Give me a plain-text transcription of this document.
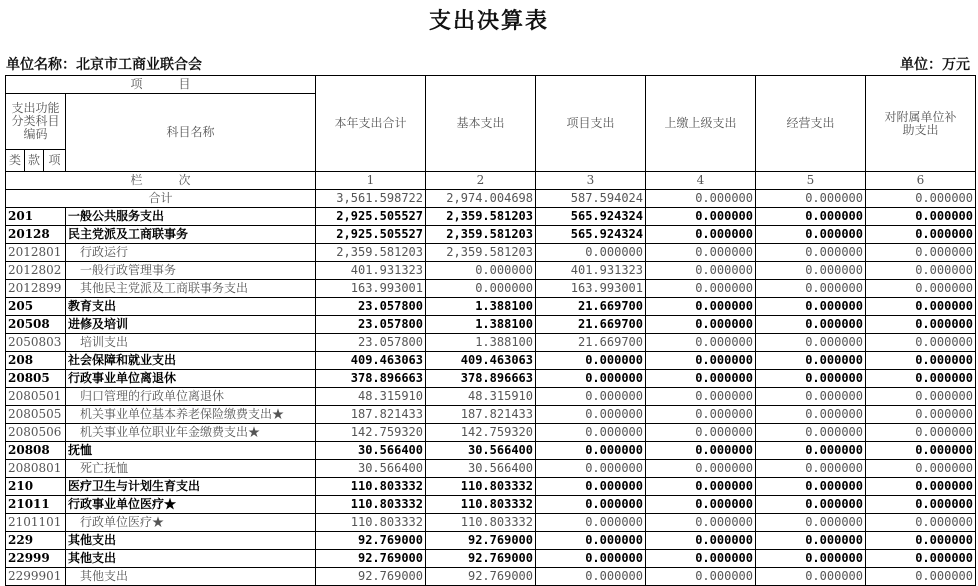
支出决算表
单位名称：北京市工商业联合会	单位：万元
项　　　目				本年支出合计	基本支出	项目支出	上缴上级支出	经营支出	对附属单位补助支出
支出功能分类科目编码			科目名称						
类	款	项							
栏　　　次				1	2	3	4	5	6
合计				3,561.598722	2,974.004698	587.594024	0.000000	0.000000	0.000000
201			一般公共服务支出	2,925.505527	2,359.581203	565.924324	0.000000	0.000000	0.000000
20128			民主党派及工商联事务	2,925.505527	2,359.581203	565.924324	0.000000	0.000000	0.000000
2012801			行政运行	2,359.581203	2,359.581203	0.000000	0.000000	0.000000	0.000000
2012802			一般行政管理事务	401.931323	0.000000	401.931323	0.000000	0.000000	0.000000
2012899			其他民主党派及工商联事务支出	163.993001	0.000000	163.993001	0.000000	0.000000	0.000000
205			教育支出	23.057800	1.388100	21.669700	0.000000	0.000000	0.000000
20508			进修及培训	23.057800	1.388100	21.669700	0.000000	0.000000	0.000000
2050803			培训支出	23.057800	1.388100	21.669700	0.000000	0.000000	0.000000
208			社会保障和就业支出	409.463063	409.463063	0.000000	0.000000	0.000000	0.000000
20805			行政事业单位离退休	378.896663	378.896663	0.000000	0.000000	0.000000	0.000000
2080501			归口管理的行政单位离退休	48.315910	48.315910	0.000000	0.000000	0.000000	0.000000
2080505			机关事业单位基本养老保险缴费支出★	187.821433	187.821433	0.000000	0.000000	0.000000	0.000000
2080506			机关事业单位职业年金缴费支出★	142.759320	142.759320	0.000000	0.000000	0.000000	0.000000
20808			抚恤	30.566400	30.566400	0.000000	0.000000	0.000000	0.000000
2080801			死亡抚恤	30.566400	30.566400	0.000000	0.000000	0.000000	0.000000
210			医疗卫生与计划生育支出	110.803332	110.803332	0.000000	0.000000	0.000000	0.000000
21011			行政事业单位医疗★	110.803332	110.803332	0.000000	0.000000	0.000000	0.000000
2101101			行政单位医疗★	110.803332	110.803332	0.000000	0.000000	0.000000	0.000000
229			其他支出	92.769000	92.769000	0.000000	0.000000	0.000000	0.000000
22999			其他支出	92.769000	92.769000	0.000000	0.000000	0.000000	0.000000
2299901			其他支出	92.769000	92.769000	0.000000	0.000000	0.000000	0.000000
